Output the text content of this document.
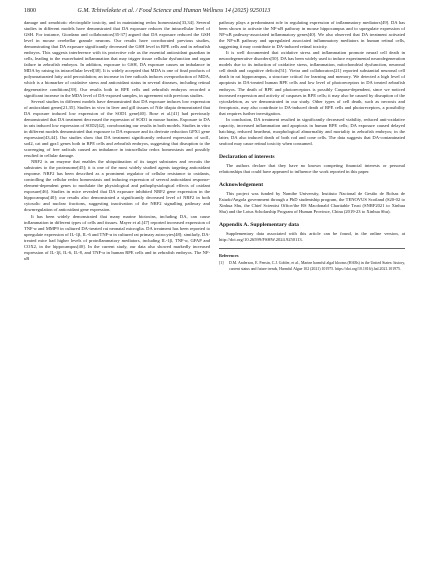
1800	G.M. Tchivelekete et al. / Food Science and Human Wellness 14 (2025) 9250113

damage and xenobiotic electrophile toxicity, and in maintaining redox homeostasis[33,34]. Several studies in different models have demonstrated that DA exposure reduces the intracellular level of GSH. For instance, Giordano and collaborators[35-37] argued that DA exposure reduced the GSH level in mouse cerebellar granule neurons. Our results have corroborated previous studies, demonstrating that DA exposure significantly decreased the GSH level in RPE cells and in zebrafish embryos. This suggests interference with its protective role as the essential antioxidant guardian in cells, leading to the exacerbated inflammation that may trigger tissue cellular dysfunction and organ failure in zebrafish embryos. In addition, exposure to GSH, DA exposure causes an imbalance in MDA by raising its intracellular level[38]. It is widely accepted that MDA is one of final products of polyunsaturated fatty acid peroxidation; an increase in free radicals induces overproduction of MDA, which is a biomarker of oxidative stress and antioxidant status in several diseases, including retinal degenerative conditions[39]. Our results both in RPE cells and zebrafish embryos recorded a significant increase in the MDA level of DA-exposed samples, in agreement with previous studies.

Several studies in different models have demonstrated that DA exposure induces low expression of antioxidant genes[21,35]. Studies in vivo in liver and gill tissues of Nile tilapia demonstrated that DA exposure induced low expression of the SOD1 gene[40]. Bose et al.[41] had previously demonstrated that DA treatment decreased the expression of SOD1 in mouse brains. Exposure to DA in rats induced low expression of SOD2[42], corroborating our results in both models. Studies in vitro in different models demonstrated that exposure to DA exposure and its derivate reduction GPX1 gene expression[43,44]. Our studies show that DA treatment significantly reduced expression of sod1, sod2, cat and gpx1 genes both in RPE cells and zebrafish embryos, suggesting that disruption to the scavenging of free radicals caused an imbalance in intracellular redox homeostasis and possibly resulted in cellular damage.

NRF2 is an enzyme that enables the ubiquitination of its target substrates and recruits the substrates to the proteasome[45]; it is one of the most widely studied agents targeting antioxidant response. NRF2 has been described as a prominent regulator of cellular resistance to oxidants, controlling the cellular redox homeostasis and inducing expression of several antioxidant response-element-dependent genes to modulate the physiological and pathophysiological effects of oxidant exposure[46]. Studies in mice revealed that DA exposure inhibited NRF2 gene expression in the hippocampus[40]; our results also demonstrated a significantly decreased level of NRF2 in both cytosolic and nuclear fractions, suggesting inactivation of the NRF2 signalling pathway and downregulation of antioxidant gene expression.

It has been widely demonstrated that many marine biotoxins, including DA, can cause inflammation in different types of cells and tissues. Mayer et al.[47] reported increased expression of TNF-α and MMP9 in cultured DA-treated rat neonatal microglia. DA treatment has been reported to upregulate expression of IL-1β, IL-6 and TNF-α in cultured rat primary astrocytes[48]; similarly, DA-treated mice had higher levels of proinflammatory mediators, including IL-1β, TNF-α, GFAP and COX2, in the hippocampus[40]. In the current study, our data also showed markedly increased expression of IL-1β, IL-6, IL-8, and TNF-α in human RPE cells and in zebrafish embryos. The NF-κB

pathway plays a predominant role in regulating expression of inflammatory mediators[49]. DA has been shown to activate the NF-κB pathway in mouse hippocampus and to upregulate expression of NF-κB pathway-associated inflammatory genes[40]. We also observed that DA treatment activated the NF-κB pathway and upregulated associated inflammatory mediators in human retinal cells, suggesting it may contribute to DA-induced retinal toxicity.

It is well documented that oxidative stress and inflammation promote neural cell death in neurodegenerative disorders[50]. DA has been widely used to induce experimental neurodegeneration models due to its induction of oxidative stress, inflammation, mitochondrial dysfunction, neuronal cell death and cognitive deficits[51]. Vieira and collaborators[21] reported substantial neuronal cell death in rat hippocampus, a structure critical for learning and memory. We detected a high level of apoptosis in DA-treated human RPE cells and low level of photoreceptors in DA treated zebrafish embryos. The death of RPE and photoreceptors is possibly Caspase-dependent, since we noticed increased expression and activity of caspases in RPE cells; it may also be caused by disruption of the cytoskeleton, as we demonstrated in our study. Other types of cell death, such as necrosis and ferroptosis, may also contribute to DA-induced death of RPE cells and photoreceptors, a possibility that requires further investigation.

In conclusion, DA treatment resulted in significantly decreased viability, reduced anti-oxidative capacity, increased inflammation and apoptosis in human RPE cells; DA exposure caused delayed hatching, reduced heartbeat, morphological abnormality and mortality in zebrafish embryos; in the latter, DA also induced death of both rod and cone cells. The data suggests that DA-contaminated seafood may cause retinal toxicity when consumed.

Declaration of interests

The authors declare that they have no known competing financial interests or personal relationships that could have appeared to influence the work reported in this paper.

Acknowledgement

This project was funded by Namibe University, Instituto Nacional de Gestão de Bolsas de Estudo/Angola government through a PhD studentship program, the TENOVUS Scotland (S20-02 to Xinhua Shu, the Chief Scientist Office/the RS Macdonald Charitable Trust (SNRF2021 to Xinhua Shu) and the Lotus Scholarship Program of Human Province, China (2019-23 to Xinhua Shu).

Appendix A. Supplementary data

Supplementary data associated with this article can be found, in the online version, at http://doi.org/10.26599/FSHW.2024.9250113.

References
[1]	D.M. Anderson, E. Fensin, C.J. Gobler, et al., Marine harmful algal blooms (HABs) in the United States: history, current status and future trends, Harmful Algae 102 (2021) 101975. https://doi.org/10.1016/j.hal.2021.101975.
